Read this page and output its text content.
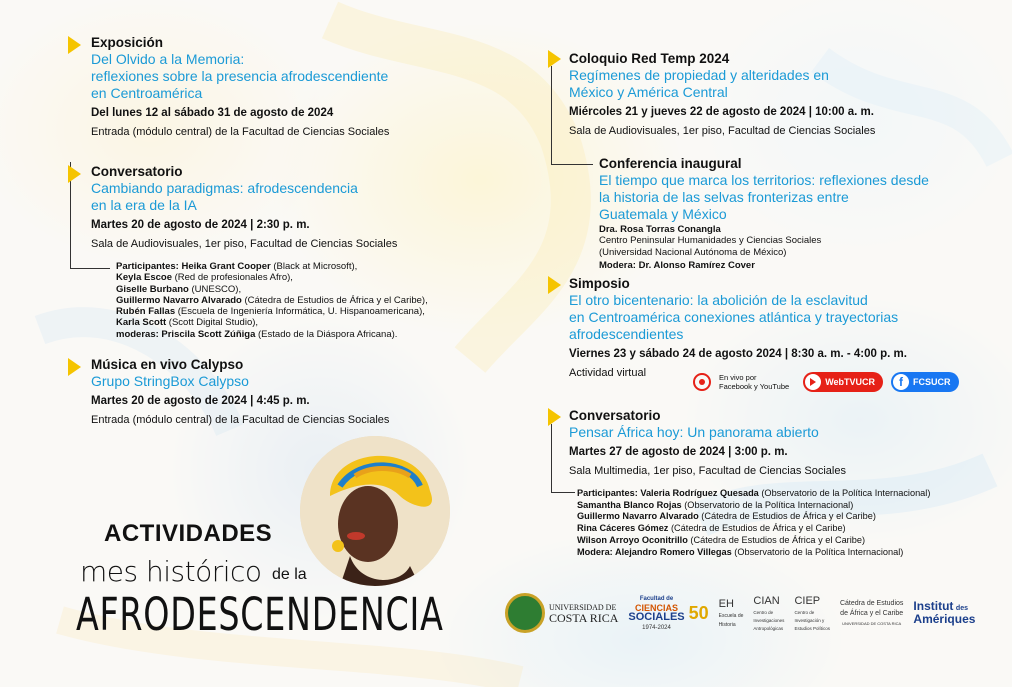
Exposición
Del Olvido a la Memoria:
reflexiones sobre la presencia afrodescendiente
en Centroamérica
Del lunes 12 al sábado 31 de agosto de 2024
Entrada (módulo central) de la Facultad de Ciencias Sociales
Conversatorio
Cambiando paradigmas: afrodescendencia
en la era de la IA
Martes 20 de agosto de 2024 | 2:30 p. m.
Sala de Audiovisuales, 1er piso, Facultad de Ciencias Sociales
Participantes: Heika Grant Cooper (Black at Microsoft),
Keyla Escoe (Red de profesionales Afro),
Giselle Burbano (UNESCO),
Guillermo Navarro Alvarado (Cátedra de Estudios de África y el Caribe),
Rubén Fallas (Escuela de Ingeniería Informática, U. Hispanoamericana),
Karla Scott (Scott Digital Studio),
moderas: Priscila Scott Zúñiga (Estado de la Diáspora Africana).
Música en vivo Calypso
Grupo StringBox Calypso
Martes 20 de agosto de 2024 | 4:45 p. m.
Entrada (módulo central) de la Facultad de Ciencias Sociales
ACTIVIDADES
mes histórico de la
AFRODESCENDENCIA
Coloquio Red Temp 2024
Regímenes de propiedad y alteridades en
México y América Central
Miércoles 21 y jueves 22 de agosto de 2024 | 10:00 a. m.
Sala de Audiovisuales, 1er piso, Facultad de Ciencias Sociales
Conferencia inaugural
El tiempo que marca los territorios: reflexiones desde
la historia de las selvas fronterizas entre
Guatemala y México
Dra. Rosa Torras Conangla
Centro Peninsular Humanidades y Ciencias Sociales
(Universidad Nacional Autónoma de México)
Modera: Dr. Alonso Ramírez Cover
Simposio
El otro bicentenario: la abolición de la esclavitud
en Centroamérica conexiones atlántica y trayectorias
afrodescendientes
Viernes 23 y sábado 24 de agosto 2024 | 8:30 a. m. - 4:00 p. m.
Actividad virtual	En vivo por
Facebook y YouTube	WebTVUCR	f	FCSUCR
Conversatorio
Pensar África hoy: Un panorama abierto
Martes 27 de agosto de 2024 | 3:00 p. m.
Sala Multimedia, 1er piso, Facultad de Ciencias Sociales
Participantes: Valeria Rodríguez Quesada (Observatorio de la Política Internacional)
Samantha Blanco Rojas (Observatorio de la Política Internacional)
Guillermo Navarro Alvarado (Cátedra de Estudios de África y el Caribe)
Rina Cáceres Gómez (Cátedra de Estudios de África y el Caribe)
Wilson Arroyo Oconitrillo (Cátedra de Estudios de África y el Caribe)
Modera: Alejandro Romero Villegas (Observatorio de la Política Internacional)
UNIVERSIDAD DE
COSTA RICA
Facultad de
CIENCIAS
SOCIALES
1974-2024
50 EH
Escuela de
Historia
CIAN
Centro de
Investigaciones
Antropológicas
CIEP
Centro de
Investigación y
Estudios Políticos
Cátedra de Estudios
de África y el Caribe
UNIVERSIDAD DE COSTA RICA
Institut des
Amériques
